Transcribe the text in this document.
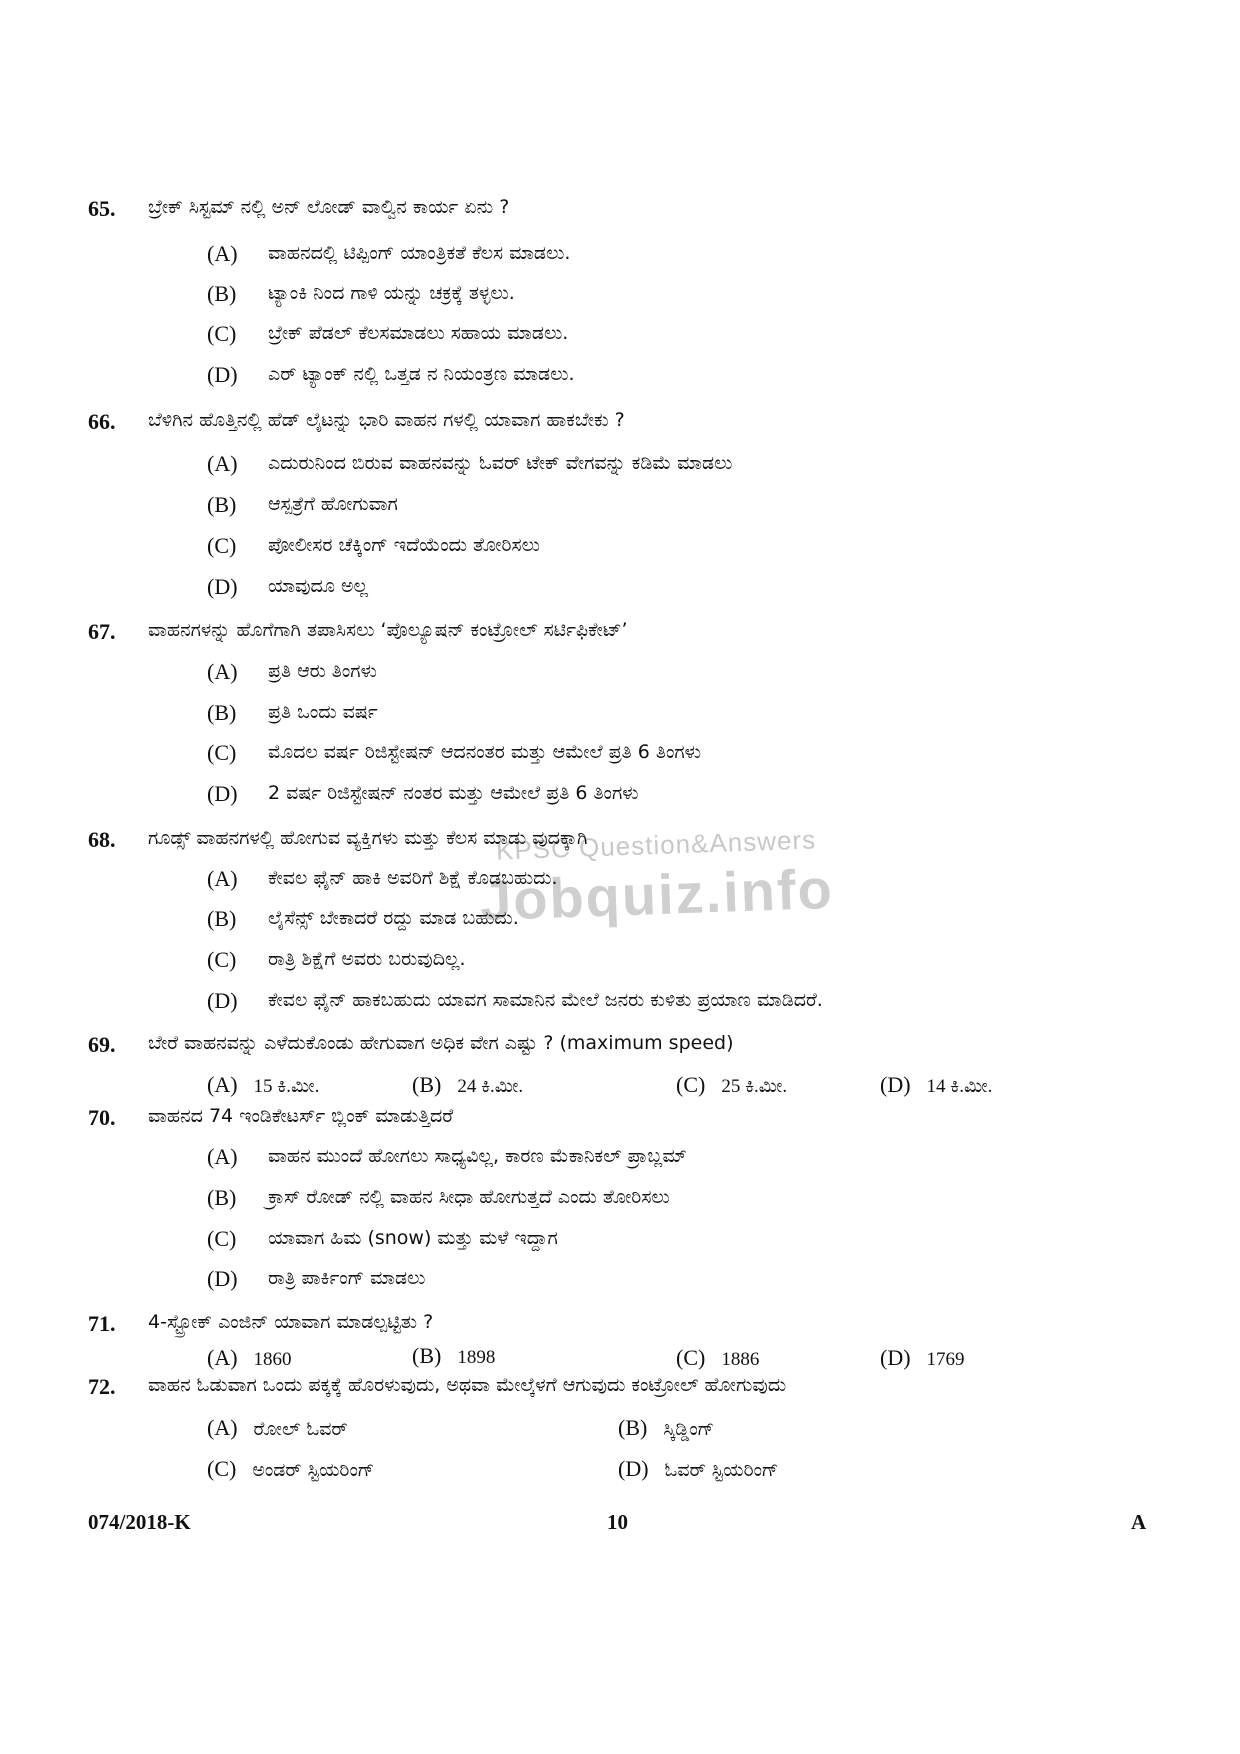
KPSC Question&Answers
Jobquiz.info
65. ಬ್ರೇಕ್ ಸಿಸ್ಟಮ್ ನಲ್ಲಿ ಅನ್ ಲೋಡ್ ವಾಲ್ವಿನ ಕಾರ್ಯ ಏನು ?
(A) ವಾಹನದಲ್ಲಿ ಟಿಪ್ಪಿಂಗ್ ಯಾಂತ್ರಿಕತೆ ಕೆಲಸ ಮಾಡಲು.
(B) ಟ್ಯಾಂಕಿ ನಿಂದ ಗಾಳಿ ಯನ್ನು ಚಕ್ರಕ್ಕೆ ತಳ್ಳಲು.
(C) ಬ್ರೇಕ್ ಪೆಡಲ್ ಕೆಲಸಮಾಡಲು ಸಹಾಯ ಮಾಡಲು.
(D) ಎರ್ ಟ್ಯಾಂಕ್ ನಲ್ಲಿ ಒತ್ತಡ ನ ನಿಯಂತ್ರಣ ಮಾಡಲು.
66. ಬೆಳಿಗಿನ ಹೊತ್ತಿನಲ್ಲಿ ಹೆಡ್ ಲೈಟನ್ನು ಭಾರಿ ವಾಹನ ಗಳಲ್ಲಿ ಯಾವಾಗ ಹಾಕಬೇಕು ?
(A) ಎದುರುನಿಂದ ಬಿರುವ ವಾಹನವನ್ನು ಓವರ್ ಟೇಕ್ ವೇಗವನ್ನು ಕಡಿಮೆ ಮಾಡಲು
(B) ಆಸ್ಪತ್ರೆಗೆ ಹೋಗುವಾಗ
(C) ಪೋಲೀಸರ ಚೆಕ್ಕಿಂಗ್ ಇದೆಯೆಂದು ತೋರಿಸಲು
(D) ಯಾವುದೂ ಅಲ್ಲ
67. ವಾಹನಗಳನ್ನು ಹೊಗೆಗಾಗಿ ತಪಾಸಿಸಲು ‘ಪೊಲ್ಯೂಷನ್ ಕಂಟ್ರೋಲ್ ಸರ್ಟಿಫಿಕೇಟ್’
(A) ಪ್ರತಿ ಆರು ತಿಂಗಳು
(B) ಪ್ರತಿ ಒಂದು ವರ್ಷ
(C) ಮೊದಲ ವರ್ಷ ರಿಜಿಸ್ಟೇಷನ್ ಆದನಂತರ ಮತ್ತು ಆಮೇಲೆ ಪ್ರತಿ 6 ತಿಂಗಳು
(D) 2 ವರ್ಷ ರಿಜಿಸ್ಟೇಷನ್ ನಂತರ ಮತ್ತು ಆಮೇಲೆ ಪ್ರತಿ 6 ತಿಂಗಳು
68. ಗೂಡ್ಸ್ ವಾಹನಗಳಲ್ಲಿ ಹೋಗುವ ವ್ಯಕ್ತಿಗಳು ಮತ್ತು ಕೆಲಸ ಮಾಡು ವುದಕ್ಕಾಗಿ
(A) ಕೇವಲ ಫೈನ್ ಹಾಕಿ ಅವರಿಗೆ ಶಿಕ್ಷೆ ಕೊಡಬಹುದು.
(B) ಲೈಸೆನ್ಸ್ ಬೇಕಾದರೆ ರದ್ದು ಮಾಡ ಬಹುದು.
(C) ರಾತ್ರಿ ಶಿಕ್ಷೆಗೆ ಅವರು ಬರುವುದಿಲ್ಲ.
(D) ಕೇವಲ ಫೈನ್ ಹಾಕಬಹುದು ಯಾವಗ ಸಾಮಾನಿನ ಮೇಲೆ ಜನರು ಕುಳಿತು ಪ್ರಯಾಣ ಮಾಡಿದರೆ.
69. ಬೇರೆ ವಾಹನವನ್ನು ಎಳೆದುಕೊಂಡು ಹೇಗುವಾಗ ಅಧಿಕ ವೇಗ ಎಷ್ಟು ? (maximum speed)
(A) 15 ಕಿ.ಮೀ.	(B) 24 ಕಿ.ಮೀ.	(C) 25 ಕಿ.ಮೀ.	(D) 14 ಕಿ.ಮೀ.
70. ವಾಹನದ 74 ಇಂಡಿಕೇಟರ್ಸ್ ಬ್ಲಿಂಕ್ ಮಾಡುತ್ತಿದರೆ
(A) ವಾಹನ ಮುಂದೆ ಹೋಗಲು ಸಾಧ್ಯವಿಲ್ಲ, ಕಾರಣ ಮೆಕಾನಿಕಲ್ ಪ್ರಾಬ್ಲಮ್
(B) ಕ್ರಾಸ್ ರೋಡ್ ನಲ್ಲಿ ವಾಹನ ಸೀಧಾ ಹೋಗುತ್ತದೆ ಎಂದು ತೋರಿಸಲು
(C) ಯಾವಾಗ ಹಿಮ (snow) ಮತ್ತು ಮಳೆ ಇದ್ದಾಗ
(D) ರಾತ್ರಿ ಪಾರ್ಕಿಂಗ್ ಮಾಡಲು
71. 4-ಸ್ಟ್ರೋಕ್ ಎಂಜಿನ್ ಯಾವಾಗ ಮಾಡಲ್ಪಟ್ಟಿತು ?
(A) 1860	(B) 1898	(C) 1886	(D) 1769
72. ವಾಹನ ಓಡುವಾಗ ಒಂದು ಪಕ್ಕಕ್ಕೆ ಹೊರಳುವುದು, ಅಥವಾ ಮೇಲ್ಕೆಳಗೆ ಆಗುವುದು ಕಂಟ್ರೋಲ್ ಹೋಗುವುದು
(A) ರೋಲ್ ಓವರ್	(B) ಸ್ಕಿಡ್ಡಿಂಗ್
(C) ಅಂಡರ್ ಸ್ಟಿಯರಿಂಗ್	(D) ಓವರ್ ಸ್ಟಿಯರಿಂಗ್
074/2018-K	10	A
